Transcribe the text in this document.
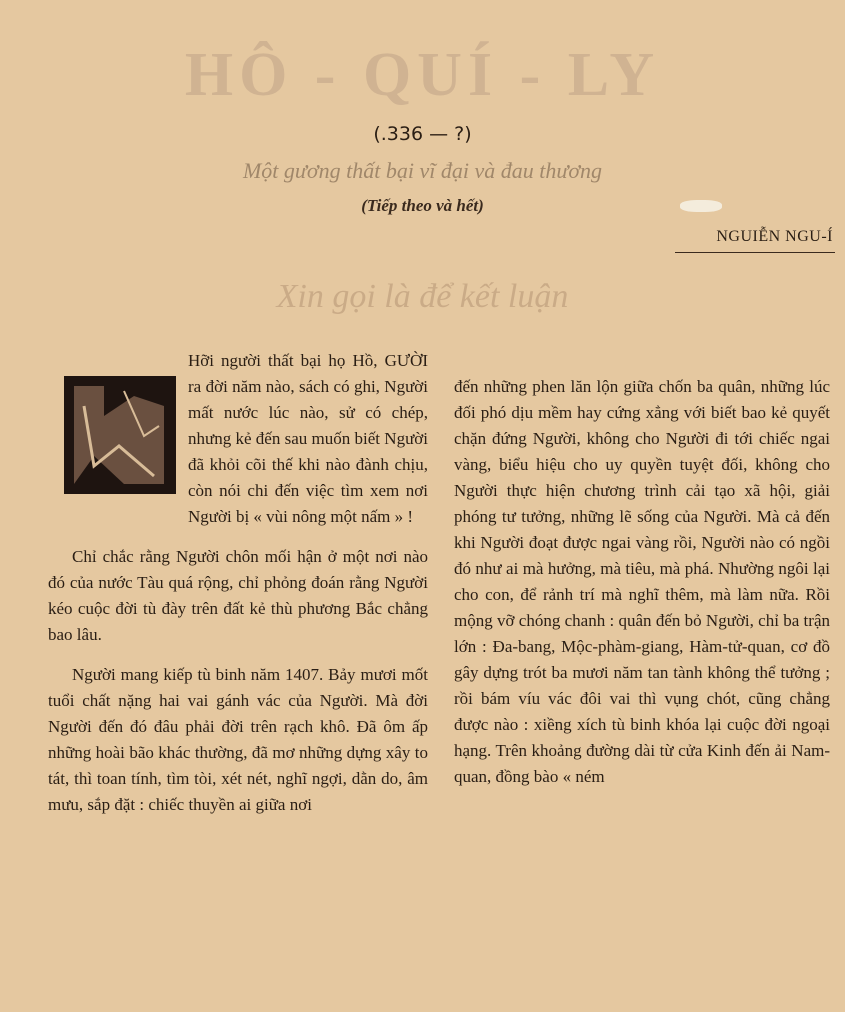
HÔ - QUÍ - LY
(.336 — ?)
Một gương thất bại vĩ đại và đau thương
(Tiếp theo và hết)
NGUIỄN NGU-Í
Xin gọi là để kết luận

Hỡi người thất bại họ Hồ, GƯỜI ra đời năm nào, sách có ghi, Người mất nước lúc nào, sử có chép, nhưng kẻ đến sau muốn biết Người đã khỏi cõi thế khi nào đành chịu, còn nói chi đến việc tìm xem nơi Người bị « vùi nông một nấm » !

Chỉ chắc rằng Người chôn mối hận ở một nơi nào đó của nước Tàu quá rộng, chỉ phỏng đoán rằng Người kéo cuộc đời tù đày trên đất kẻ thù phương Bắc chẳng bao lâu.

Người mang kiếp tù binh năm 1407. Bảy mươi mốt tuổi chất nặng hai vai gánh vác của Người. Mà đời Người đến đó đâu phải đời trên rạch khô. Đã ôm ấp những hoài bão khác thường, đã mơ những dựng xây to tát, thì toan tính, tìm tòi, xét nét, nghĩ ngợi, dằn do, âm mưu, sắp đặt : chiếc thuyền ai giữa nơi

đến những phen lăn lộn giữa chốn ba quân, những lúc đối phó dịu mềm hay cứng xẳng với biết bao kẻ quyết chặn đứng Người, không cho Người đi tới chiếc ngai vàng, biểu hiệu cho uy quyền tuyệt đối, không cho Người thực hiện chương trình cải tạo xã hội, giải phóng tư tưởng, những lẽ sống của Người. Mà cả đến khi Người đoạt được ngai vàng rồi, Người nào có ngồi đó như ai mà hưởng, mà tiêu, mà phá. Nhường ngôi lại cho con, để rảnh trí mà nghĩ thêm, mà làm nữa. Rồi mộng vỡ chóng chanh : quân đến bỏ Người, chỉ ba trận lớn : Đa-bang, Mộc-phàm-giang, Hàm-tử-quan, cơ đồ gây dựng trót ba mươi năm tan tành không thể tưởng ; rồi bám víu vác đôi vai thì vụng chót, cũng chẳng được nào : xiềng xích tù binh khóa lại cuộc đời ngoại hạng. Trên khoảng đường dài từ cửa Kinh đến ải Nam-quan, đồng bào « ném
